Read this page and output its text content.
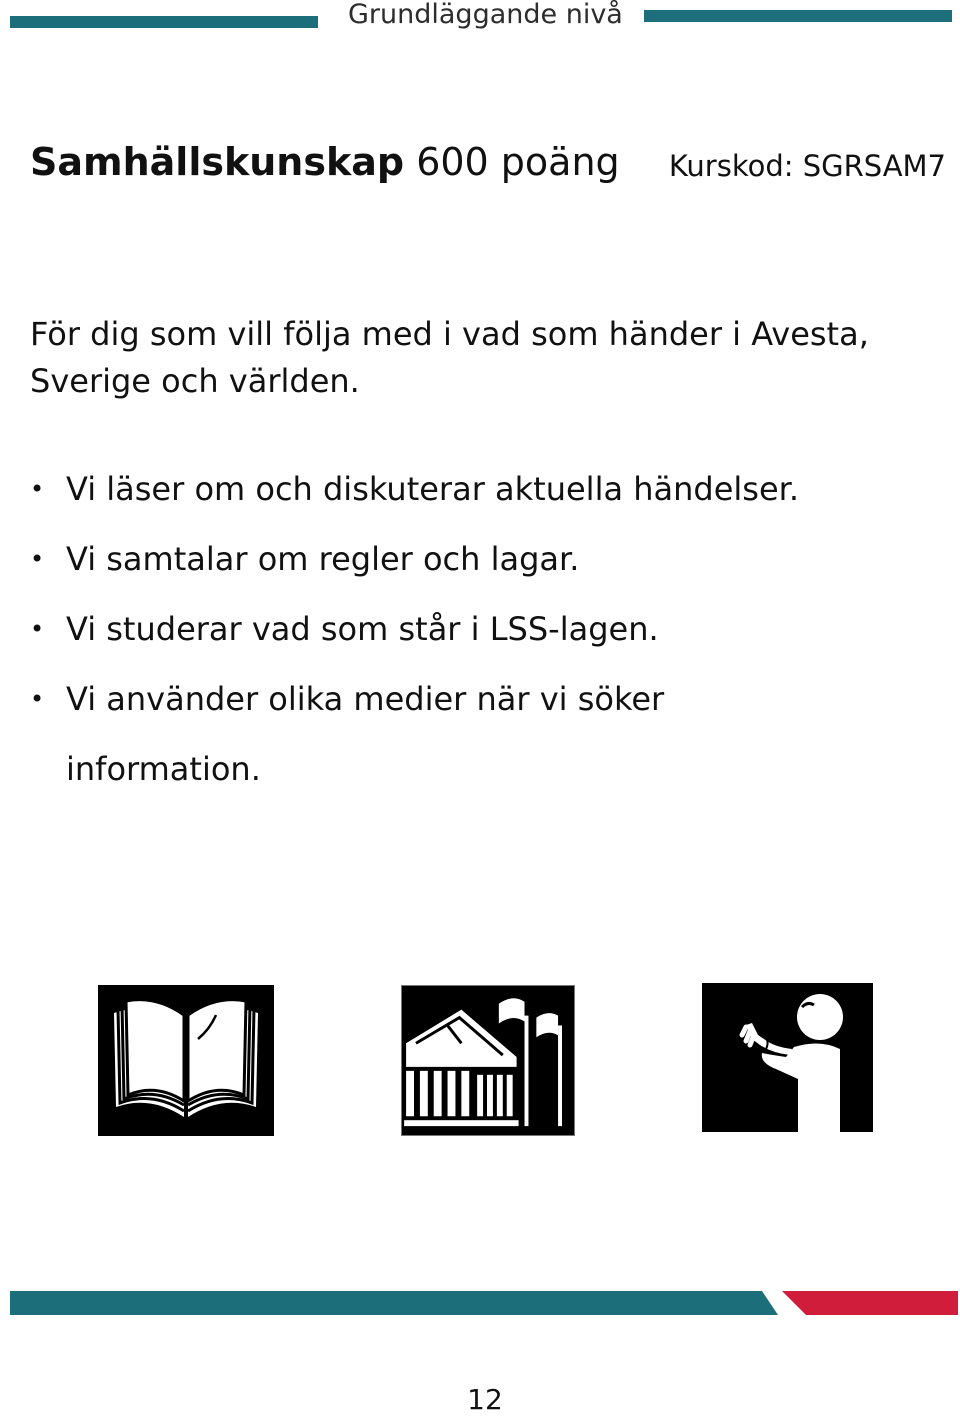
Grundläggande nivå
Samhällskunskap 600 poäng Kurskod: SGRSAM7
För dig som vill följa med i vad som händer i Avesta,
Sverige och världen.
• Vi läser om och diskuterar aktuella händelser.
• Vi samtalar om regler och lagar.
• Vi studerar vad som står i LSS-lagen.
• Vi använder olika medier när vi söker
information.
12
